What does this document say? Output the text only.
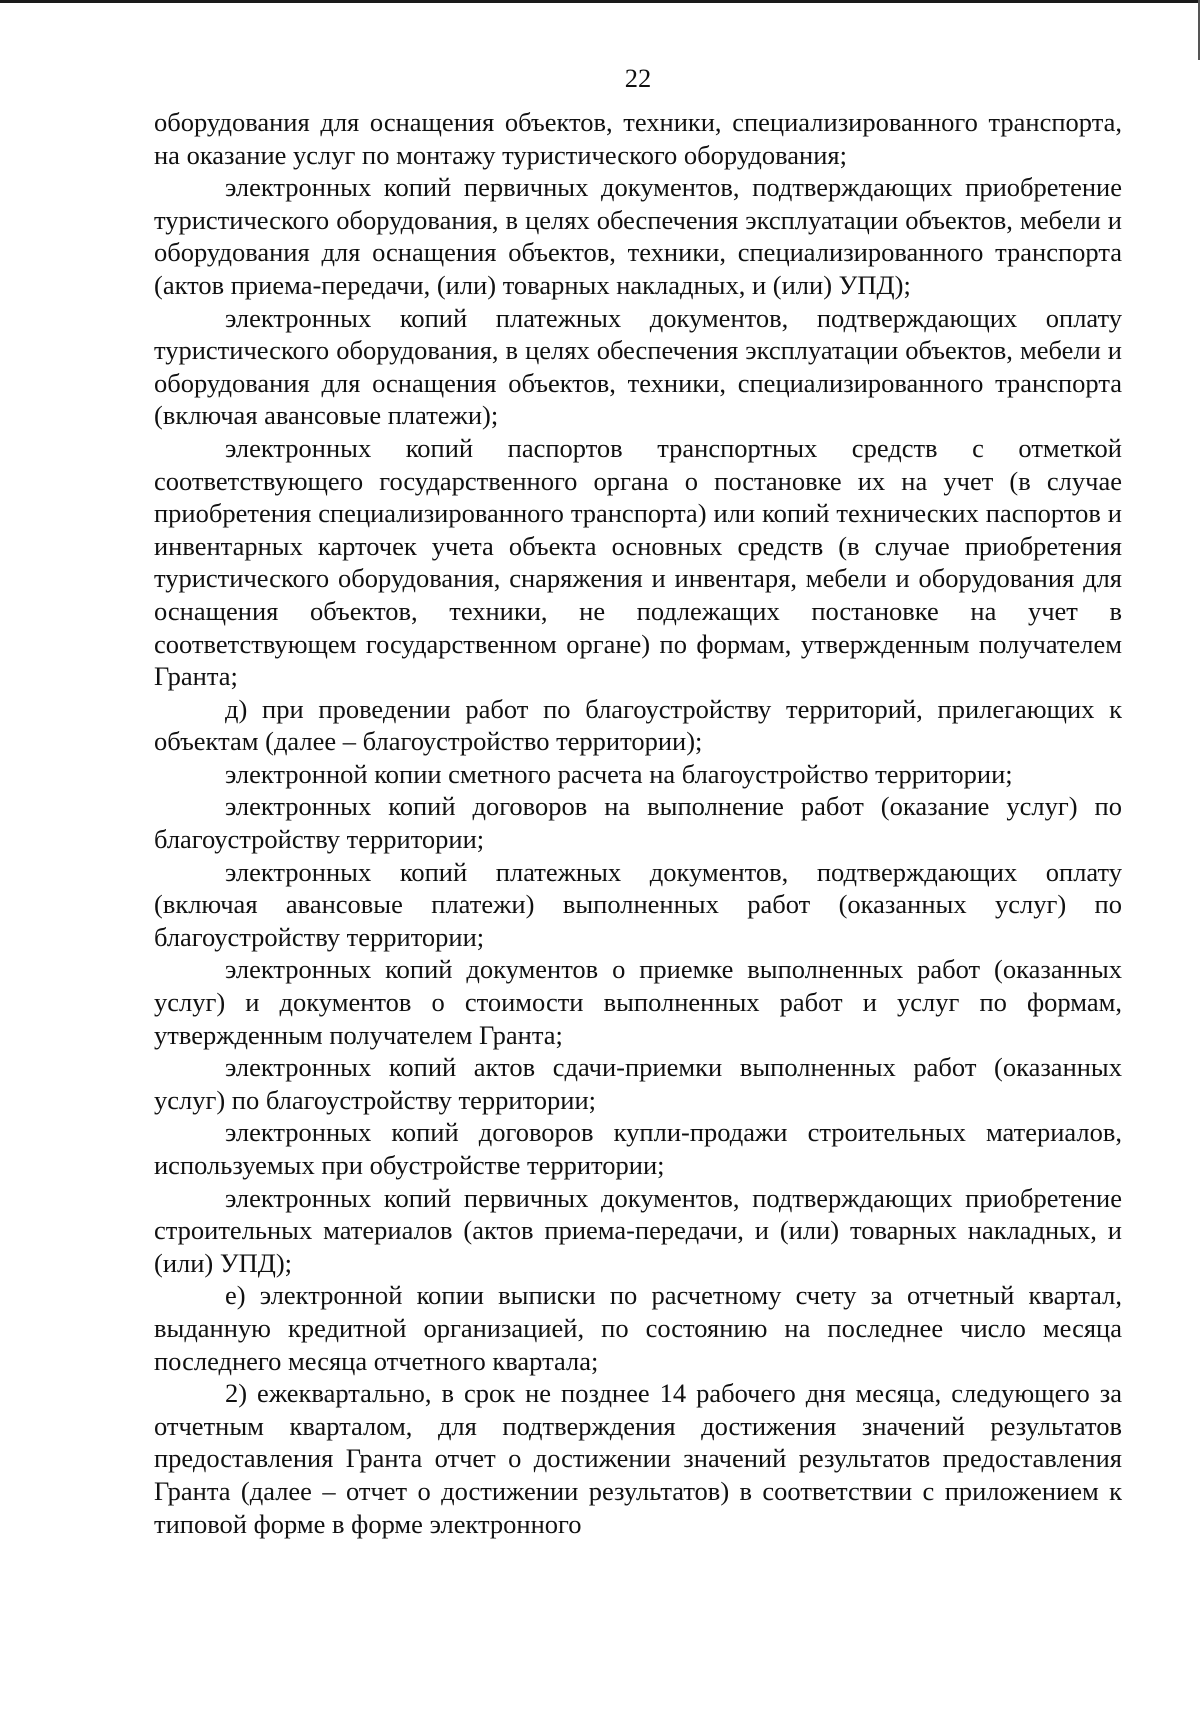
22

оборудования для оснащения объектов, техники, специализированного транспорта, на оказание услуг по монтажу туристического оборудования;

электронных копий первичных документов, подтверждающих приобретение туристического оборудования, в целях обеспечения эксплуатации объектов, мебели и оборудования для оснащения объектов, техники, специализированного транспорта (актов приема-передачи, (или) товарных накладных, и (или) УПД);

электронных копий платежных документов, подтверждающих оплату туристического оборудования, в целях обеспечения эксплуатации объектов, мебели и оборудования для оснащения объектов, техники, специализированного транспорта (включая авансовые платежи);

электронных копий паспортов транспортных средств с отметкой соответствующего государственного органа о постановке их на учет (в случае приобретения специализированного транспорта) или копий технических паспортов и инвентарных карточек учета объекта основных средств (в случае приобретения туристического оборудования, снаряжения и инвентаря, мебели и оборудования для оснащения объектов, техники, не подлежащих постановке на учет в соответствующем государственном органе) по формам, утвержденным получателем Гранта;

д) при проведении работ по благоустройству территорий, прилегающих к объектам (далее – благоустройство территории);

электронной копии сметного расчета на благоустройство территории;

электронных копий договоров на выполнение работ (оказание услуг) по благоустройству территории;

электронных копий платежных документов, подтверждающих оплату (включая авансовые платежи) выполненных работ (оказанных услуг) по благоустройству территории;

электронных копий документов о приемке выполненных работ (оказанных услуг) и документов о стоимости выполненных работ и услуг по формам, утвержденным получателем Гранта;

электронных копий актов сдачи-приемки выполненных работ (оказанных услуг) по благоустройству территории;

электронных копий договоров купли-продажи строительных материалов, используемых при обустройстве территории;

электронных копий первичных документов, подтверждающих приобретение строительных материалов (актов приема-передачи, и (или) товарных накладных, и (или) УПД);

е) электронной копии выписки по расчетному счету за отчетный квартал, выданную кредитной организацией, по состоянию на последнее число месяца последнего месяца отчетного квартала;

2) ежеквартально, в срок не позднее 14 рабочего дня месяца, следующего за отчетным кварталом, для подтверждения достижения значений результатов предоставления Гранта отчет о достижении значений результатов предоставления Гранта (далее – отчет о достижении результатов) в соответствии с приложением к типовой форме в форме электронного
